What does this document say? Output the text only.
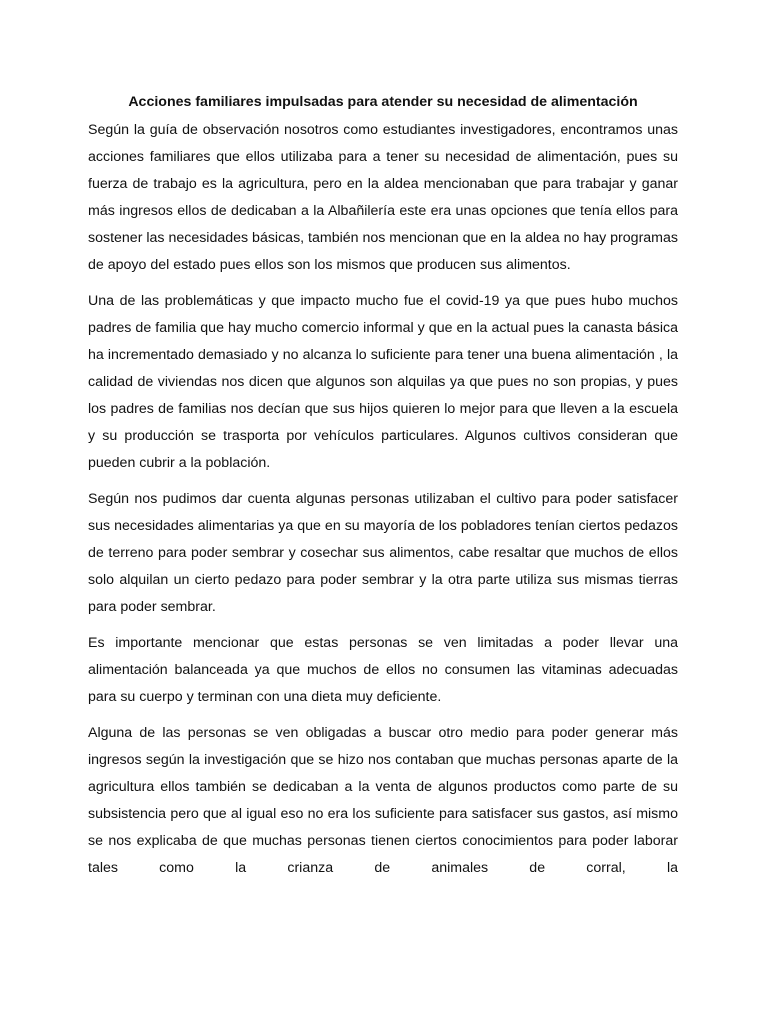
Acciones familiares impulsadas para atender su necesidad de alimentación

Según la guía de observación nosotros como estudiantes investigadores, encontramos unas acciones familiares que ellos utilizaba para a tener su necesidad de alimentación, pues su fuerza de trabajo es la agricultura, pero en la aldea mencionaban que para trabajar y ganar más ingresos ellos de dedicaban a la Albañilería este era unas opciones que tenía ellos para sostener las necesidades básicas, también nos mencionan que en la aldea no hay programas de apoyo del estado pues ellos son los mismos que producen sus alimentos.

Una de las problemáticas y que impacto mucho fue el covid-19 ya que pues hubo muchos padres de familia que hay mucho comercio informal y que en la actual pues la canasta básica ha incrementado demasiado y no alcanza lo suficiente para tener una buena alimentación , la calidad de viviendas nos dicen que algunos son alquilas ya que pues no son propias, y pues los padres de familias nos decían que sus hijos quieren lo mejor para que lleven a la escuela y su producción se trasporta por vehículos particulares. Algunos cultivos consideran que pueden cubrir a la población.

Según nos pudimos dar cuenta algunas personas utilizaban el cultivo para poder satisfacer sus necesidades alimentarias ya que en su mayoría de los pobladores tenían ciertos pedazos de terreno para poder sembrar y cosechar sus alimentos, cabe resaltar que muchos de ellos solo alquilan un cierto pedazo para poder sembrar y la otra parte utiliza sus mismas tierras para poder sembrar.

Es importante mencionar que estas personas se ven limitadas a poder llevar una alimentación balanceada ya que muchos de ellos no consumen las vitaminas adecuadas para su cuerpo y terminan con una dieta muy deficiente.

Alguna de las personas se ven obligadas a buscar otro medio para poder generar más ingresos según la investigación que se hizo nos contaban que muchas personas aparte de la agricultura ellos también se dedicaban a la venta de algunos productos como parte de su subsistencia pero que al igual eso no era los suficiente para satisfacer sus gastos, así mismo se nos explicaba de que muchas personas tienen ciertos conocimientos para poder laborar tales como la crianza de animales de corral, la
